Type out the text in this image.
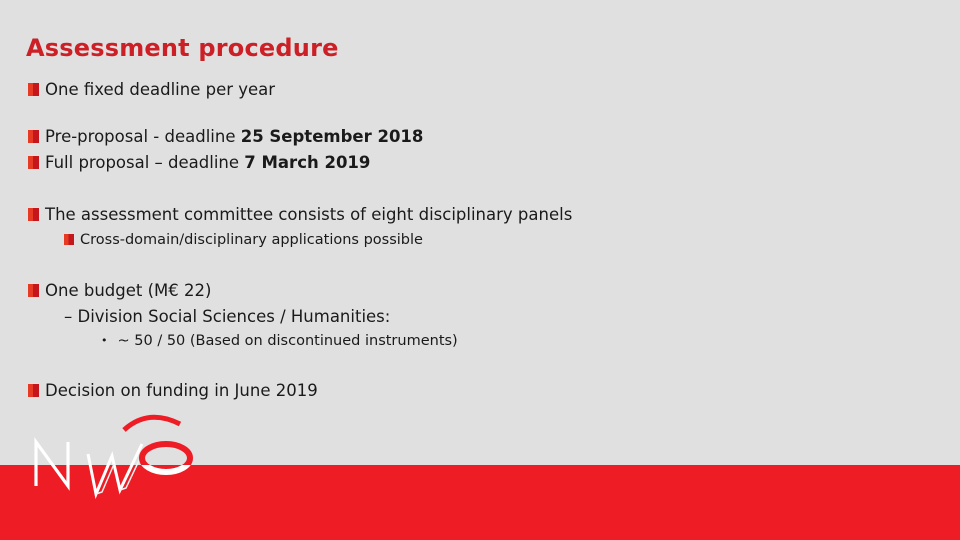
Assessment procedure
One fixed deadline per year
Pre-proposal - deadline 25 September 2018
Full proposal – deadline 7 March 2019
The assessment committee consists of eight disciplinary panels
Cross-domain/disciplinary applications possible
One budget (M€ 22)
– Division Social Sciences / Humanities:
• ~ 50 / 50 (Based on discontinued instruments)
Decision on funding in June 2019
